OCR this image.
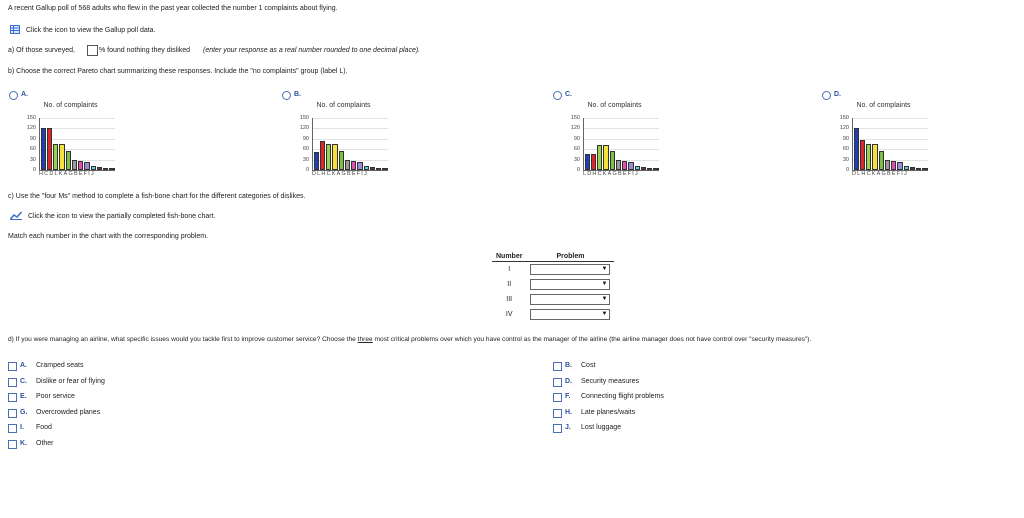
A recent Gallup poll of 568 adults who flew in the past year collected the number 1 complaints about flying.
Click the icon to view the Gallup poll data.
a) Of those surveyed,	% found nothing they disliked (enter your response as a real number rounded to one decimal place).
b) Choose the correct Pareto chart summarizing these responses. Include the "no complaints" group (label L).
A.
No. of complaints
150
120
90
60
30
0
HCDLKAGBEFIJ
B.
No. of complaints
150
120
90
60
30
0
DLHCKAGBEFIJ
C.
No. of complaints
150
120
90
60
30
0
LDHCKAGBEFIJ
D.
No. of complaints
150
120
90
60
30
0
DLHCKAGBEFIJ
c) Use the "four Ms" method to complete a fish-bone chart for the different categories of dislikes.
Click the icon to view the partially completed fish-bone chart.
Match each number in the chart with the corresponding problem.
Number	Problem
I	▼

II	▼

III	▼

IV	▼
d) If you were managing an airline, what specific issues would you tackle first to improve customer service? Choose the three most critical problems over which you have control as the manager of the airline (the airline manager does not have control over "security measures").
A. Cramped seats	B. Cost
C. Dislike or fear of flying	D. Security measures
E. Poor service	F. Connecting flight problems
G. Overcrowded planes	H. Late planes/waits
I. Food	J. Lost luggage
K. Other
